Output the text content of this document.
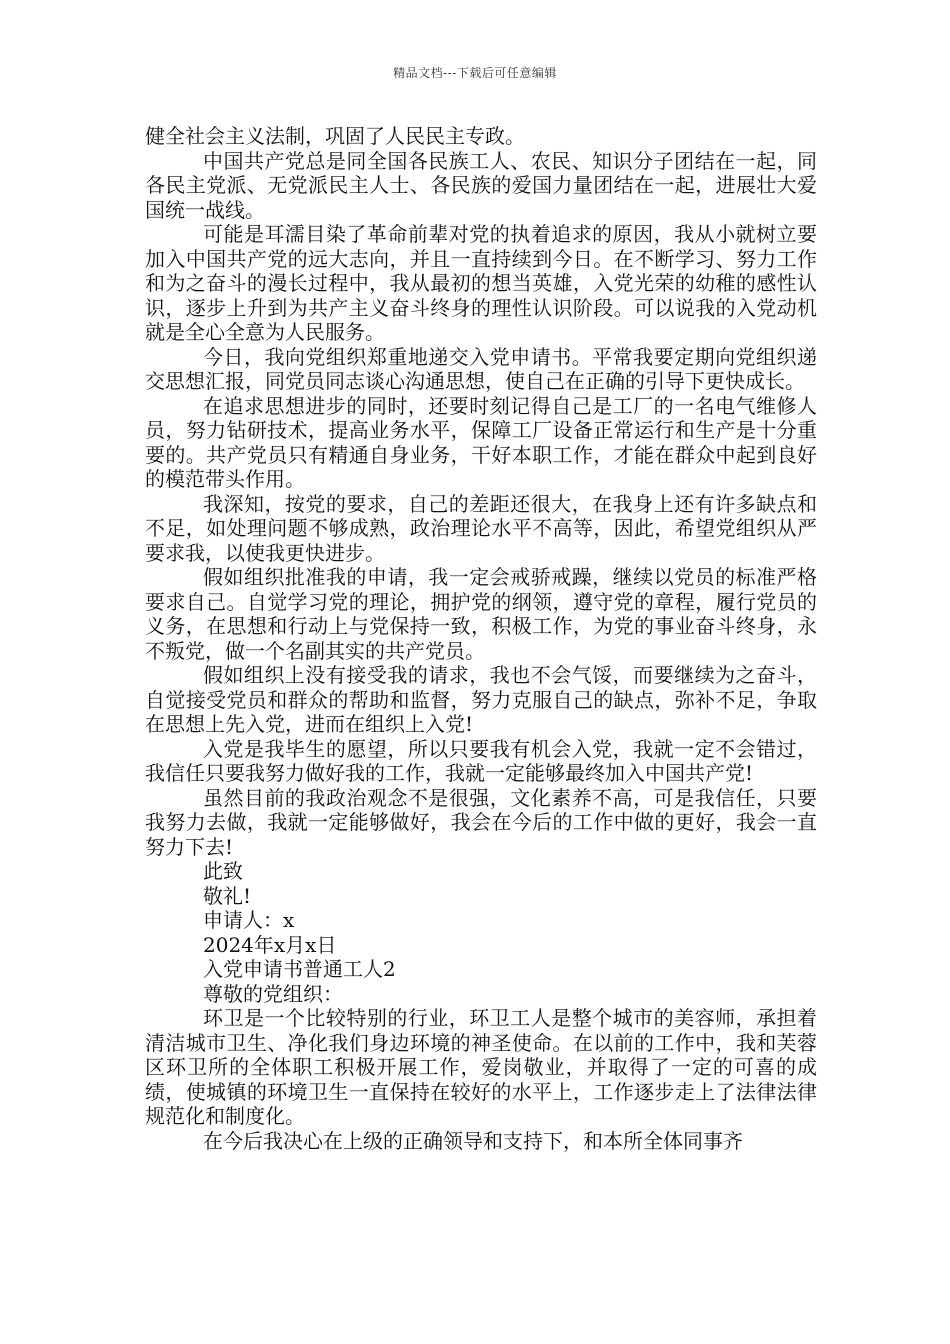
精品文档---下载后可任意编辑

健全社会主义法制，巩固了人民民主专政。

中国共产党总是同全国各民族工人、农民、知识分子团结在一起，同各民主党派、无党派民主人士、各民族的爱国力量团结在一起，进展壮大爱国统一战线。

可能是耳濡目染了革命前辈对党的执着追求的原因，我从小就树立要加入中国共产党的远大志向，并且一直持续到今日。在不断学习、努力工作和为之奋斗的漫长过程中，我从最初的想当英雄，入党光荣的幼稚的感性认识，逐步上升到为共产主义奋斗终身的理性认识阶段。可以说我的入党动机就是全心全意为人民服务。

今日，我向党组织郑重地递交入党申请书。平常我要定期向党组织递交思想汇报，同党员同志谈心沟通思想，使自己在正确的引导下更快成长。

在追求思想进步的同时，还要时刻记得自己是工厂的一名电气维修人员，努力钻研技术，提高业务水平，保障工厂设备正常运行和生产是十分重要的。共产党员只有精通自身业务，干好本职工作，才能在群众中起到良好的模范带头作用。

我深知，按党的要求，自己的差距还很大，在我身上还有许多缺点和不足，如处理问题不够成熟，政治理论水平不高等，因此，希望党组织从严要求我，以使我更快进步。

假如组织批准我的申请，我一定会戒骄戒躁，继续以党员的标准严格要求自己。自觉学习党的理论，拥护党的纲领，遵守党的章程，履行党员的义务，在思想和行动上与党保持一致，积极工作，为党的事业奋斗终身，永不叛党，做一个名副其实的共产党员。

假如组织上没有接受我的请求，我也不会气馁，而要继续为之奋斗，自觉接受党员和群众的帮助和监督，努力克服自己的缺点，弥补不足，争取在思想上先入党，进而在组织上入党!

入党是我毕生的愿望，所以只要我有机会入党，我就一定不会错过，我信任只要我努力做好我的工作，我就一定能够最终加入中国共产党!

虽然目前的我政治观念不是很强，文化素养不高，可是我信任，只要我努力去做，我就一定能够做好，我会在今后的工作中做的更好，我会一直努力下去!

此致

敬礼!

申请人：x

2024年x月x日

入党申请书普通工人2

尊敬的党组织：

环卫是一个比较特别的行业，环卫工人是整个城市的美容师，承担着清洁城市卫生、净化我们身边环境的神圣使命。在以前的工作中，我和芙蓉区环卫所的全体职工积极开展工作，爱岗敬业，并取得了一定的可喜的成绩，使城镇的环境卫生一直保持在较好的水平上，工作逐步走上了法律法律规范化和制度化。

在今后我决心在上级的正确领导和支持下，和本所全体同事齐
